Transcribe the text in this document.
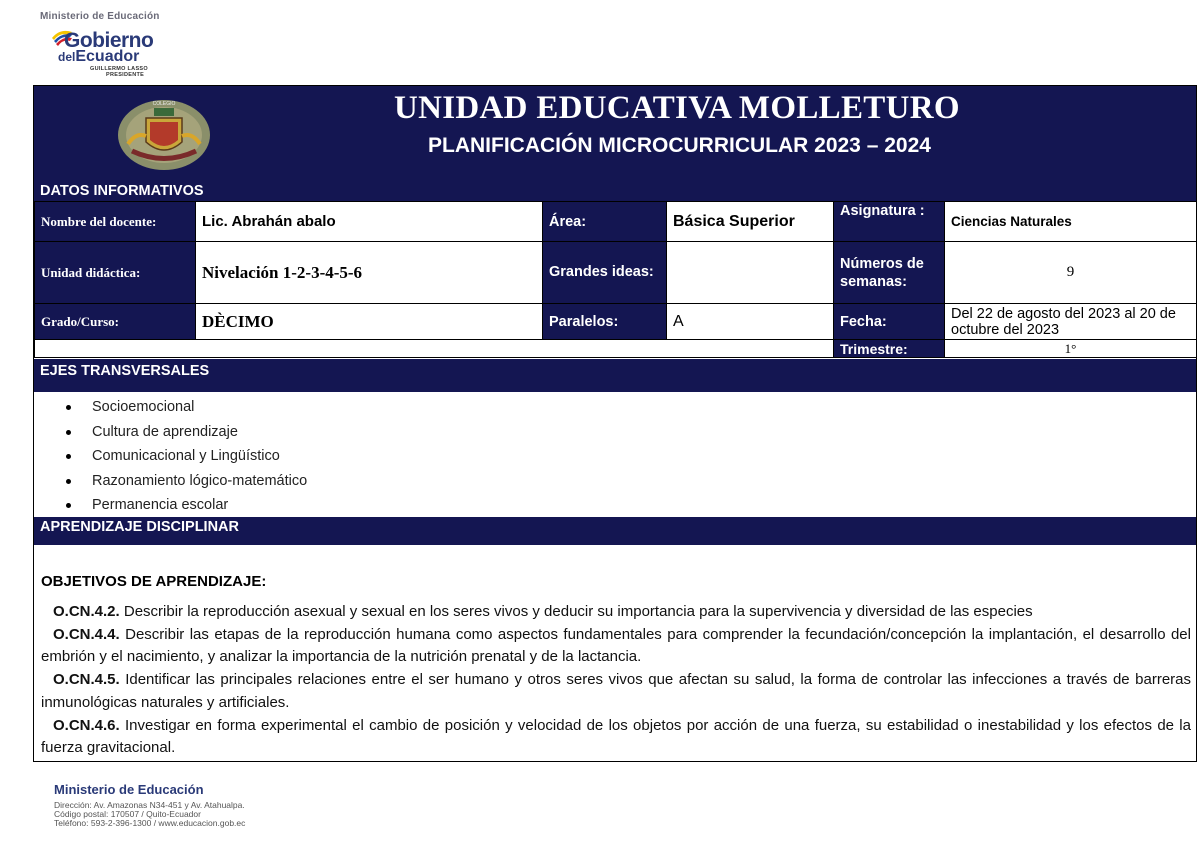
Ministerio de Educación
Gobierno
delEcuador
GUILLERMO LASSO
PRESIDENTE
COLEGIO	UNIDAD EDUCATIVA MOLLETURO
PLANIFICACIÓN MICROCURRICULAR 2023 – 2024
DATOS INFORMATIVOS
Nombre del docente:	Lic. Abrahán abalo	Área:	Básica Superior	Asignatura :	Ciencias Naturales
Unidad didáctica:	Nivelación 1-2-3-4-5-6	Grandes ideas:		Números de semanas:	9
Grado/Curso:	DÈCIMO	Paralelos:	A	Fecha:	Del 22 de agosto del 2023 al 20 de octubre del 2023
				Trimestre:	1°
EJES TRANSVERSALES
Socioemocional
Cultura de aprendizaje
Comunicacional y Lingüístico
Razonamiento lógico-matemático
Permanencia escolar
APRENDIZAJE DISCIPLINAR
OBJETIVOS DE APRENDIZAJE:

O.CN.4.2. Describir la reproducción asexual y sexual en los seres vivos y deducir su importancia para la supervivencia y diversidad de las especies

O.CN.4.4. Describir las etapas de la reproducción humana como aspectos fundamentales para comprender la fecundación/concepción la implantación, el desarrollo del embrión y el nacimiento, y analizar la importancia de la nutrición prenatal y de la lactancia.

O.CN.4.5. Identificar las principales relaciones entre el ser humano y otros seres vivos que afectan su salud, la forma de controlar las infecciones a través de barreras inmunológicas naturales y artificiales.

O.CN.4.6. Investigar en forma experimental el cambio de posición y velocidad de los objetos por acción de una fuerza, su estabilidad o inestabilidad y los efectos de la fuerza gravitacional.

Ministerio de Educación
Dirección: Av. Amazonas N34-451 y Av. Atahualpa.
Código postal: 170507 / Quito-Ecuador
Teléfono: 593-2-396-1300 / www.educacion.gob.ec
